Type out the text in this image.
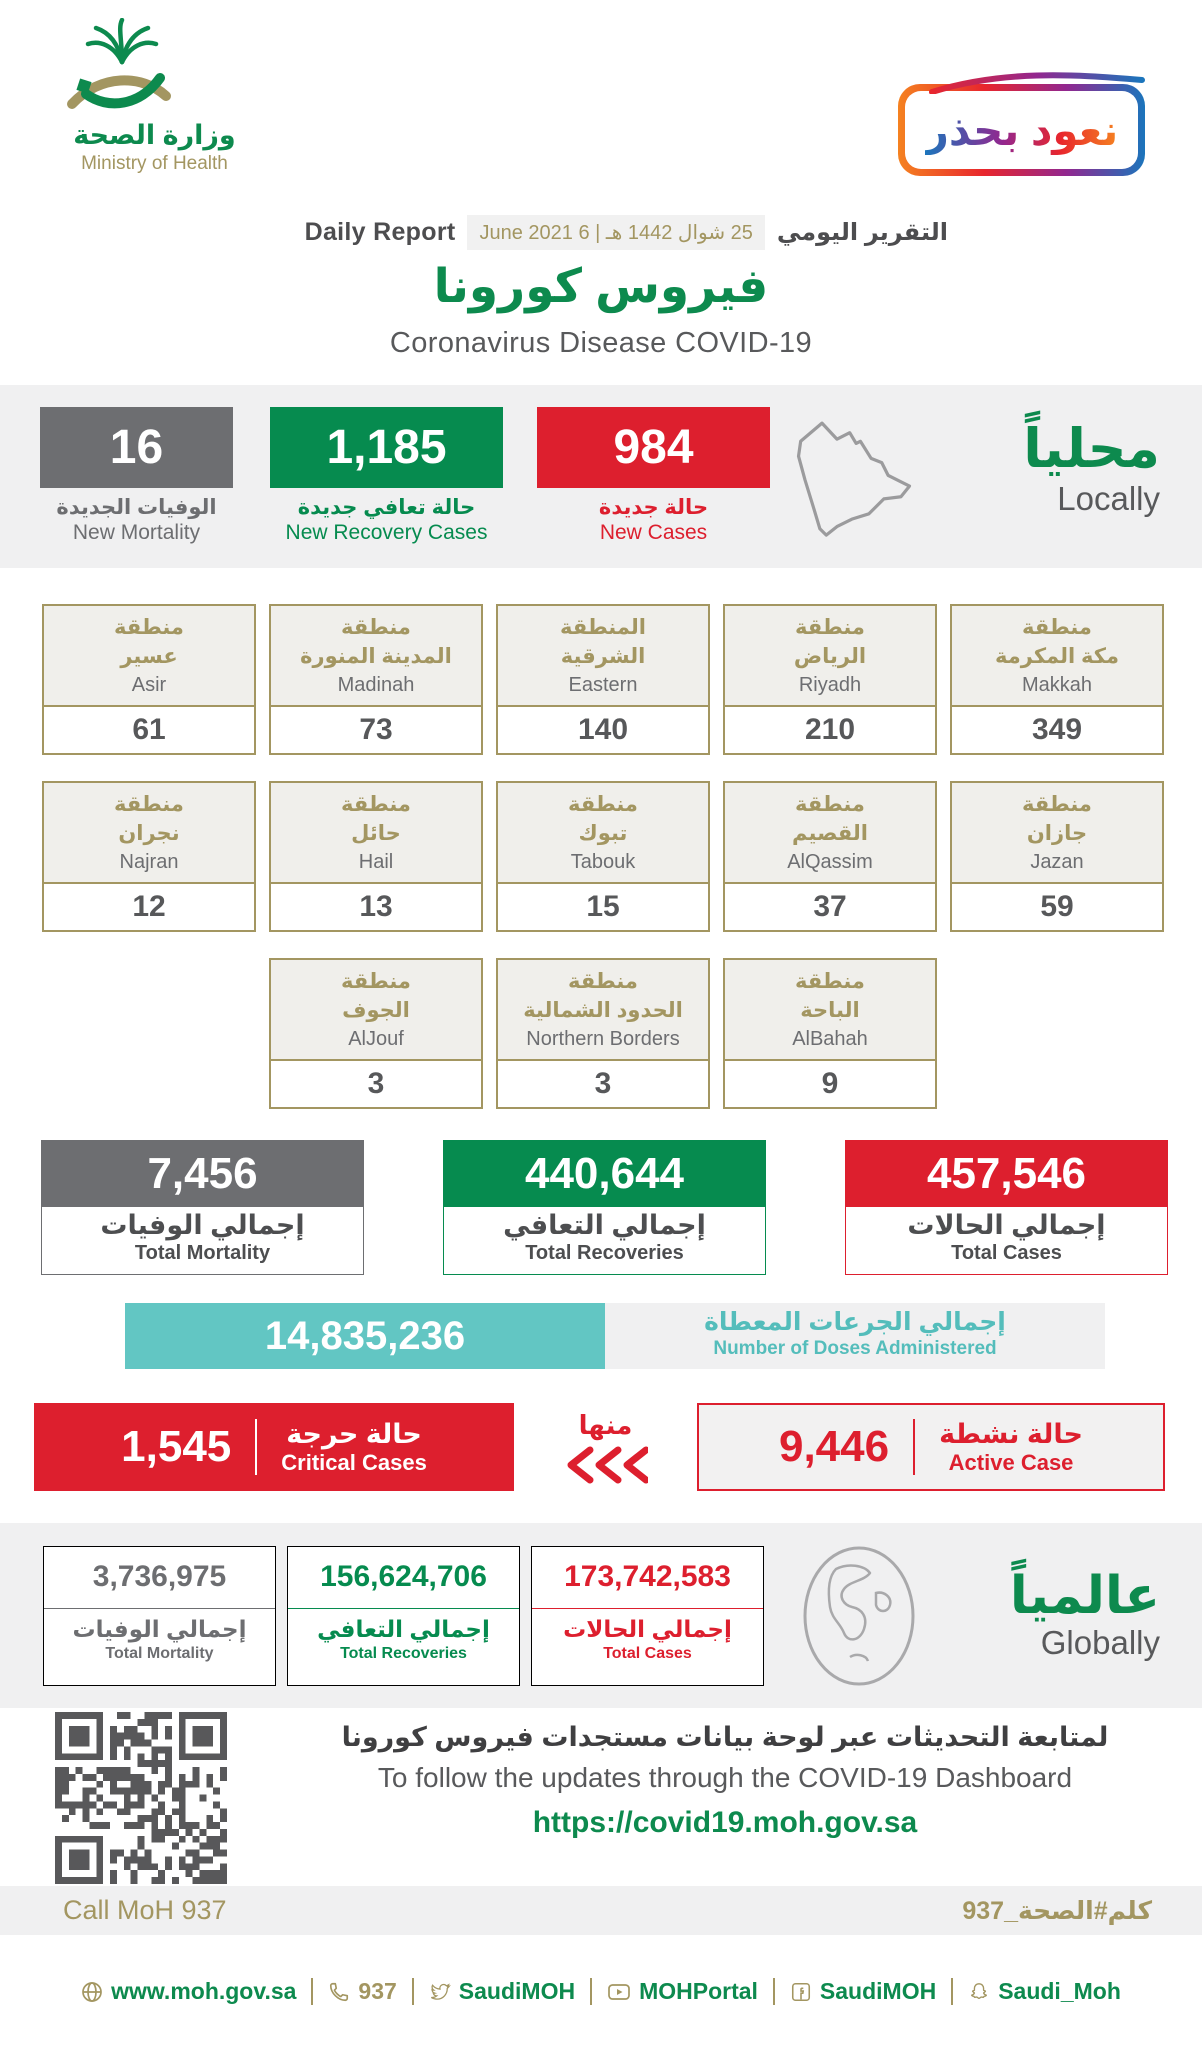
وزارة الصحة
Ministry of Health
نعود بحذر
Daily Report	25 شوال 1442 هـ | 6 June 2021	التقرير اليومي
فيروس كورونا
Coronavirus Disease COVID-19
16
الوفيات الجديدة
New Mortality
1,185
حالة تعافي جديدة
New Recovery Cases
984
حالة جديدة
New Cases
محلياً
Locally
منطقة
عسير
Asir
61
منطقة
المدينة المنورة
Madinah
73
المنطقة
الشرقية
Eastern
140
منطقة
الرياض
Riyadh
210
منطقة
مكة المكرمة
Makkah
349
منطقة
نجران
Najran
12
منطقة
حائل
Hail
13
منطقة
تبوك
Tabouk
15
منطقة
القصيم
AlQassim
37
منطقة
جازان
Jazan
59
منطقة
الجوف
AlJouf
3
منطقة
الحدود الشمالية
Northern Borders
3
منطقة
الباحة
AlBahah
9
7,456
إجمالي الوفيات
Total Mortality
440,644
إجمالي التعافي
Total Recoveries
457,546
إجمالي الحالات
Total Cases
14,835,236	إجمالي الجرعات المعطاة
Number of Doses Administered
1,545 حالة حرجة
Critical Cases
منها	9,446 حالة نشطة
Active Case
3,736,975
إجمالي الوفيات
Total Mortality
156,624,706
إجمالي التعافي
Total Recoveries
173,742,583
إجمالي الحالات
Total Cases
عالمياً
Globally
لمتابعة التحديثات عبر لوحة بيانات مستجدات فيروس كورونا
To follow the updates through the COVID-19 Dashboard
https://covid19.moh.gov.sa
Call MoH 937	كلم#الصحة_937
www.moh.gov.sa	937	SaudiMOH	MOHPortal	SaudiMOH	Saudi_Moh
